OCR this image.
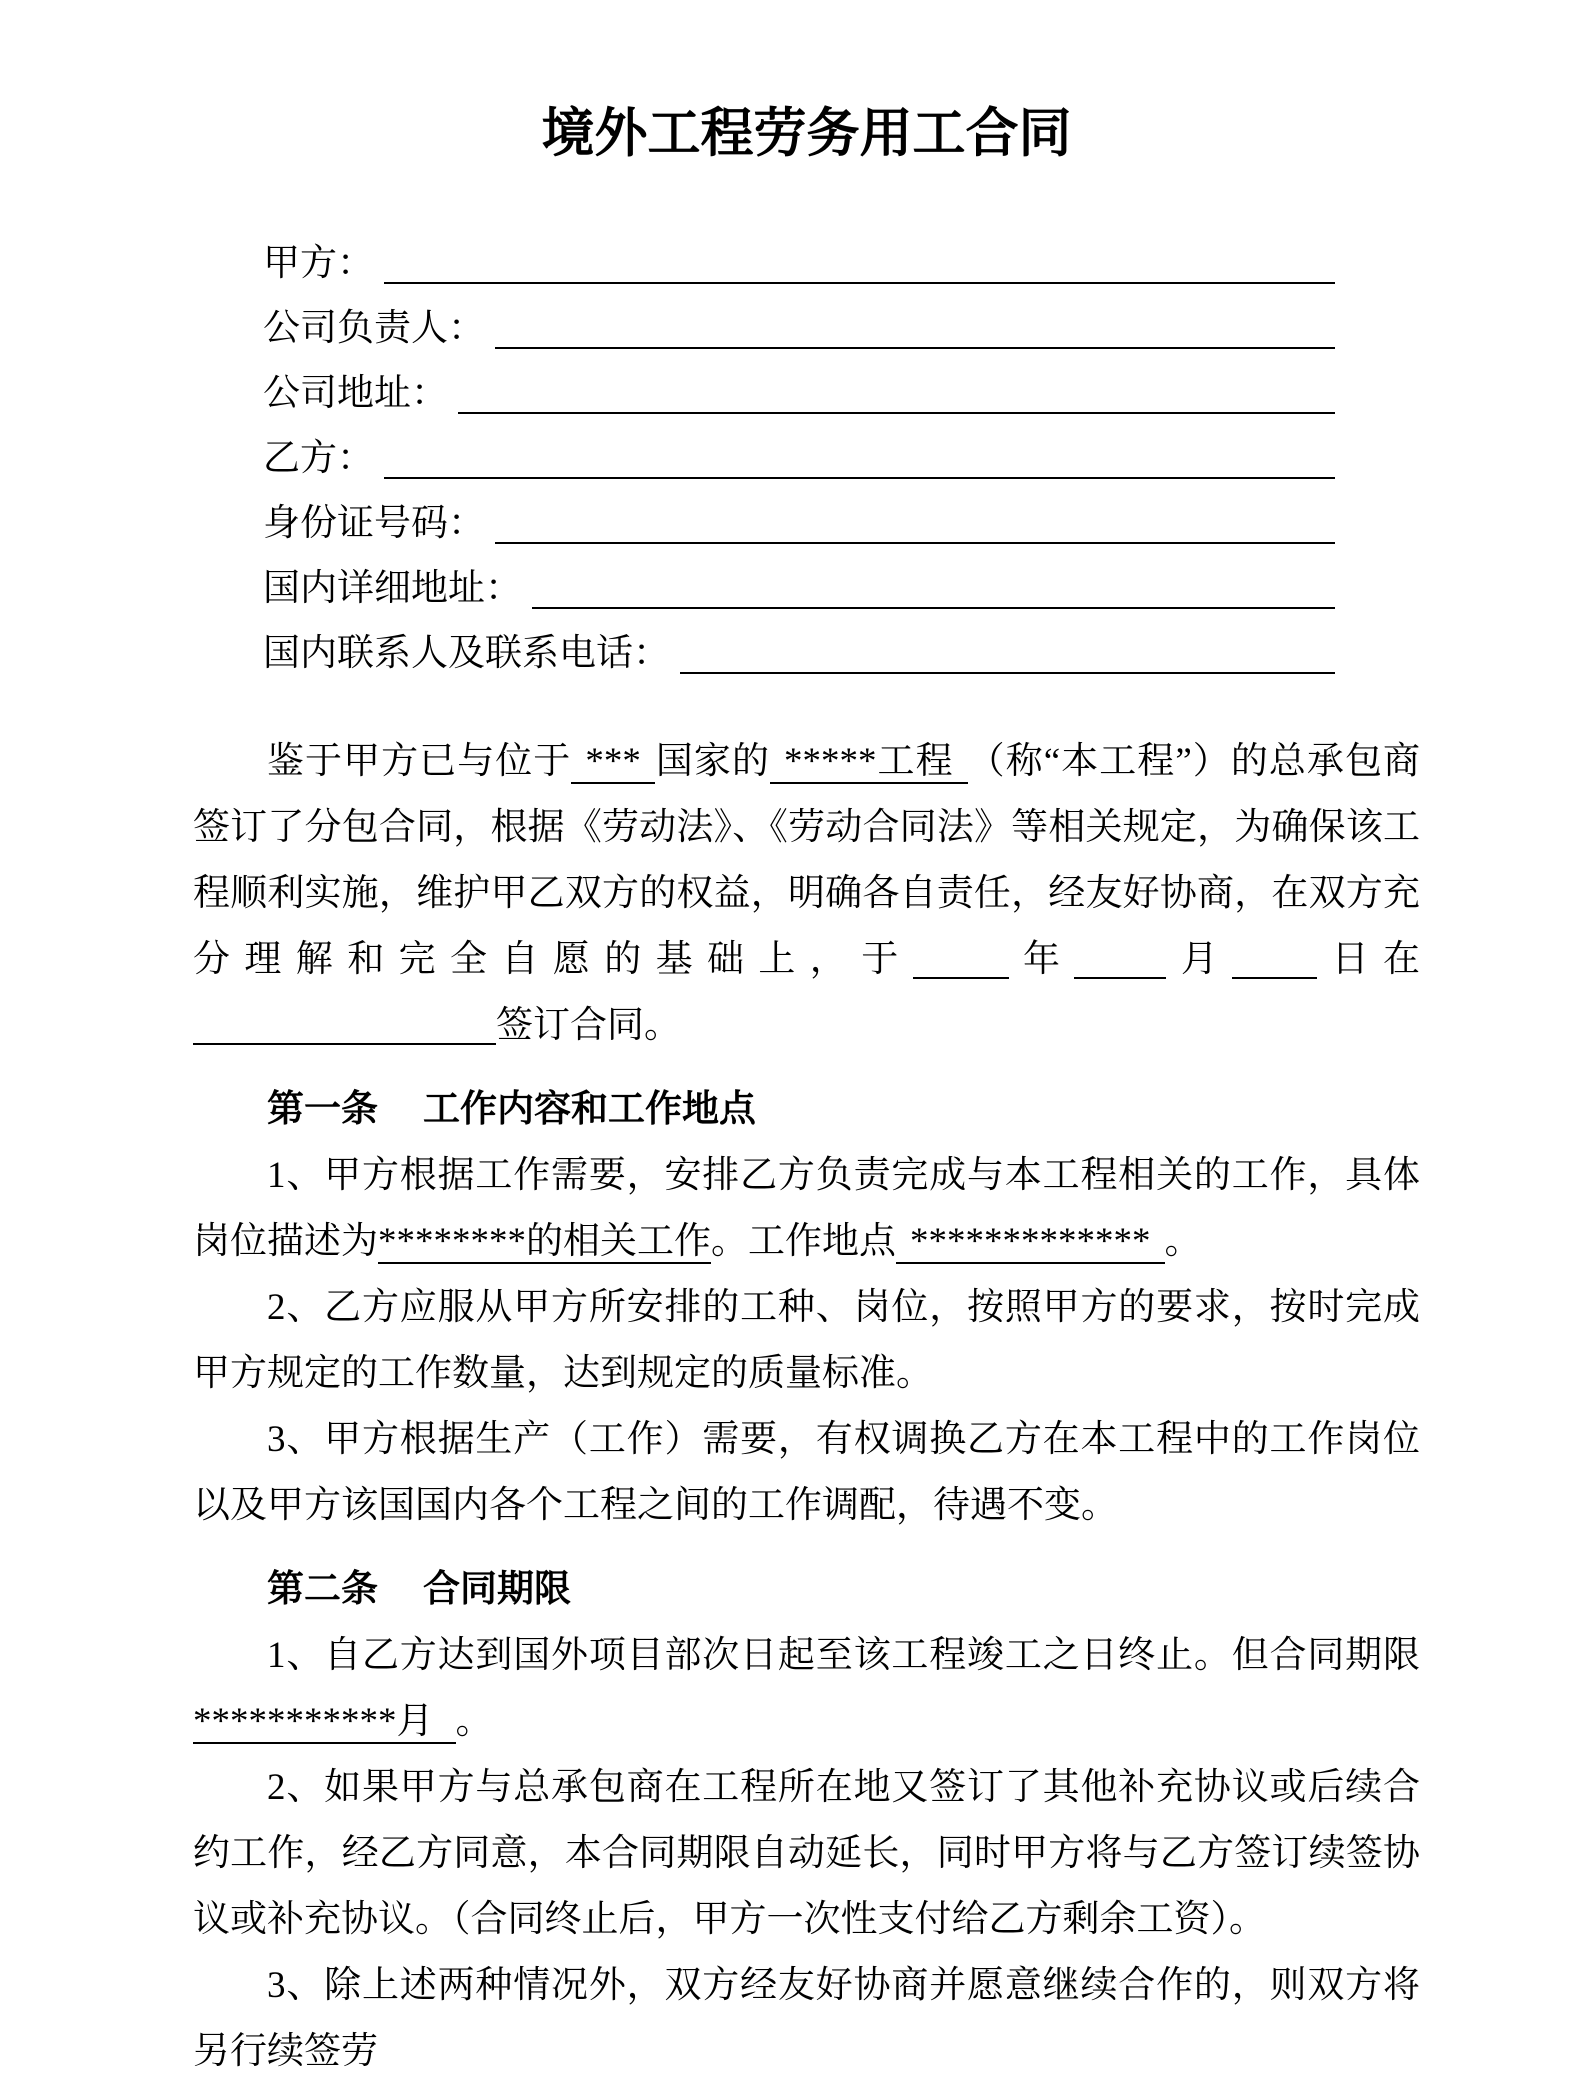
境外工程劳务用工合同
甲方：
公司负责人：
公司地址：
乙方：
身份证号码：
国内详细地址：
国内联系人及联系电话：

鉴于甲方已与位于 *** 国家的 *****工程 （称“本工程”）的总承包商签订了分包合同，根据《劳动法》、《劳动合同法》等相关规定，为确保该工程顺利实施，维护甲乙双方的权益，明确各自责任，经友好协商，在双方充分理解和完全自愿的基础上，于	年 月 日在签订合同。

第一条 工作内容和工作地点

1、甲方根据工作需要，安排乙方负责完成与本工程相关的工作，具体岗位描述为********的相关工作。工作地点 ************* 。

2、乙方应服从甲方所安排的工种、岗位，按照甲方的要求，按时完成甲方规定的工作数量，达到规定的质量标准。

3、甲方根据生产（工作）需要，有权调换乙方在本工程中的工作岗位以及甲方该国国内各个工程之间的工作调配，待遇不变。

第二条 合同期限

1、自乙方达到国外项目部次日起至该工程竣工之日终止。但合同期限***********月 。

2、如果甲方与总承包商在工程所在地又签订了其他补充协议或后续合约工作，经乙方同意，本合同期限自动延长，同时甲方将与乙方签订续签协议或补充协议。（合同终止后，甲方一次性支付给乙方剩余工资）。

3、除上述两种情况外，双方经友好协商并愿意继续合作的，则双方将另行续签劳
